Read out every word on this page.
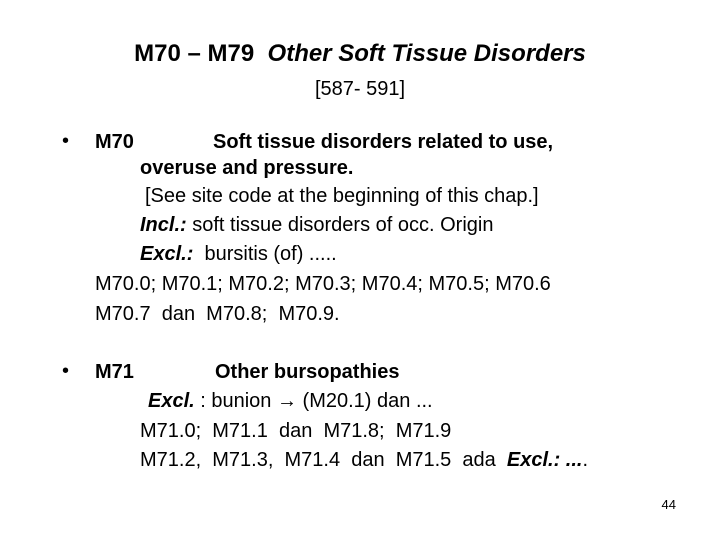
M70 – M79 Other Soft Tissue Disorders
[587- 591]
• M70	Soft tissue disorders related to use,
overuse and pressure.
[See site code at the beginning of this chap.]
Incl.: soft tissue disorders of occ. Origin
Excl.:  bursitis (of) .....
M70.0; M70.1; M70.2; M70.3; M70.4; M70.5; M70.6
M70.7  dan  M70.8;  M70.9.
• M71	Other bursopathies
Excl. : bunion → (M20.1) dan ...
M71.0;  M71.1  dan  M71.8;  M71.9
M71.2,  M71.3,  M71.4  dan  M71.5  ada  Excl.: ....
44
